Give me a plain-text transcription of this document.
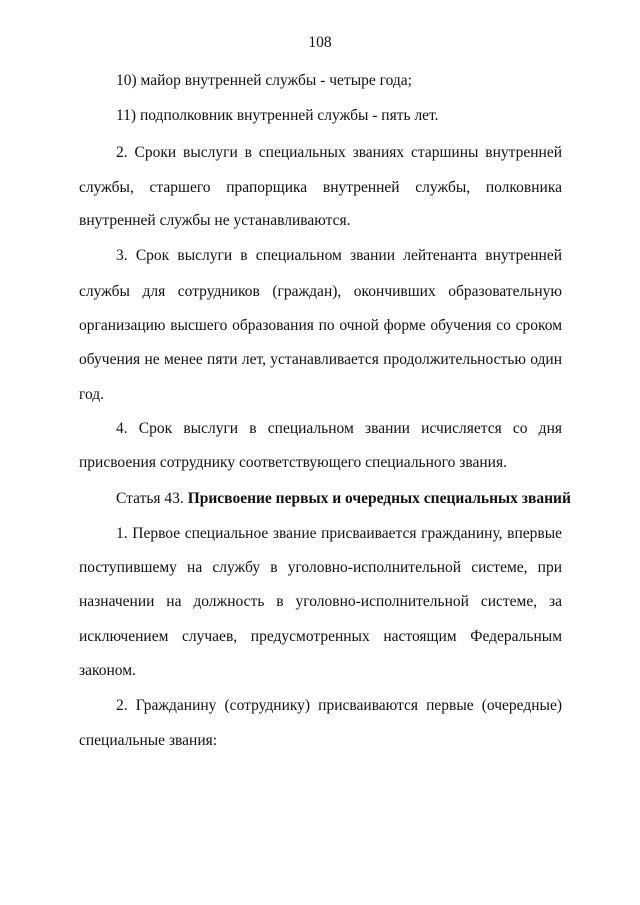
108
10) майор внутренней службы - четыре года;
11) подполковник внутренней службы - пять лет.
2. Сроки выслуги в специальных званиях старшины внутренней
службы, старшего прапорщика внутренней службы, полковника
внутренней службы не устанавливаются.
3. Срок выслуги в специальном звании лейтенанта внутренней
службы для сотрудников (граждан), окончивших образовательную
организацию высшего образования по очной форме обучения со сроком
обучения не менее пяти лет, устанавливается продолжительностью один
год.
4. Срок выслуги в специальном звании исчисляется со дня
присвоения сотруднику соответствующего специального звания.
Статья 43. Присвоение первых и очередных специальных званий
1. Первое специальное звание присваивается гражданину, впервые
поступившему на службу в уголовно-исполнительной системе, при
назначении на должность в уголовно-исполнительной системе, за
исключением случаев, предусмотренных настоящим Федеральным
законом.
2. Гражданину (сотруднику) присваиваются первые (очередные)
специальные звания:
